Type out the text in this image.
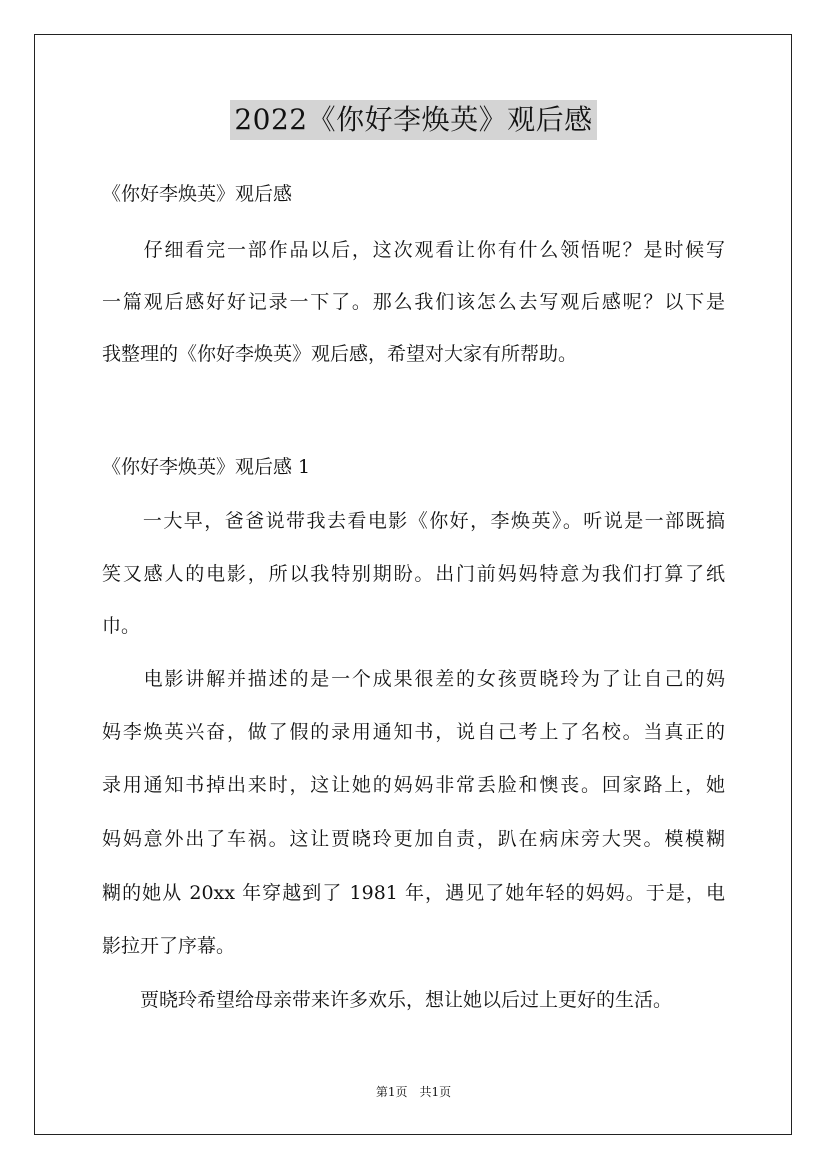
2022《你好李焕英》观后感
《你好李焕英》观后感
　　仔细看完一部作品以后，这次观看让你有什么领悟呢？是时候写
一篇观后感好好记录一下了。那么我们该怎么去写观后感呢？以下是
我整理的《你好李焕英》观后感，希望对大家有所帮助。
《你好李焕英》观后感 1
　　一大早，爸爸说带我去看电影《你好，李焕英》。听说是一部既搞
笑又感人的电影，所以我特别期盼。出门前妈妈特意为我们打算了纸
巾。
　　电影讲解并描述的是一个成果很差的女孩贾晓玲为了让自己的妈
妈李焕英兴奋，做了假的录用通知书，说自己考上了名校。当真正的
录用通知书掉出来时，这让她的妈妈非常丢脸和懊丧。回家路上，她
妈妈意外出了车祸。这让贾晓玲更加自责，趴在病床旁大哭。模模糊
糊的她从 20xx 年穿越到了 1981 年，遇见了她年轻的妈妈。于是，电
影拉开了序幕。
　　贾晓玲希望给母亲带来许多欢乐，想让她以后过上更好的生活。
第1页　共1页
